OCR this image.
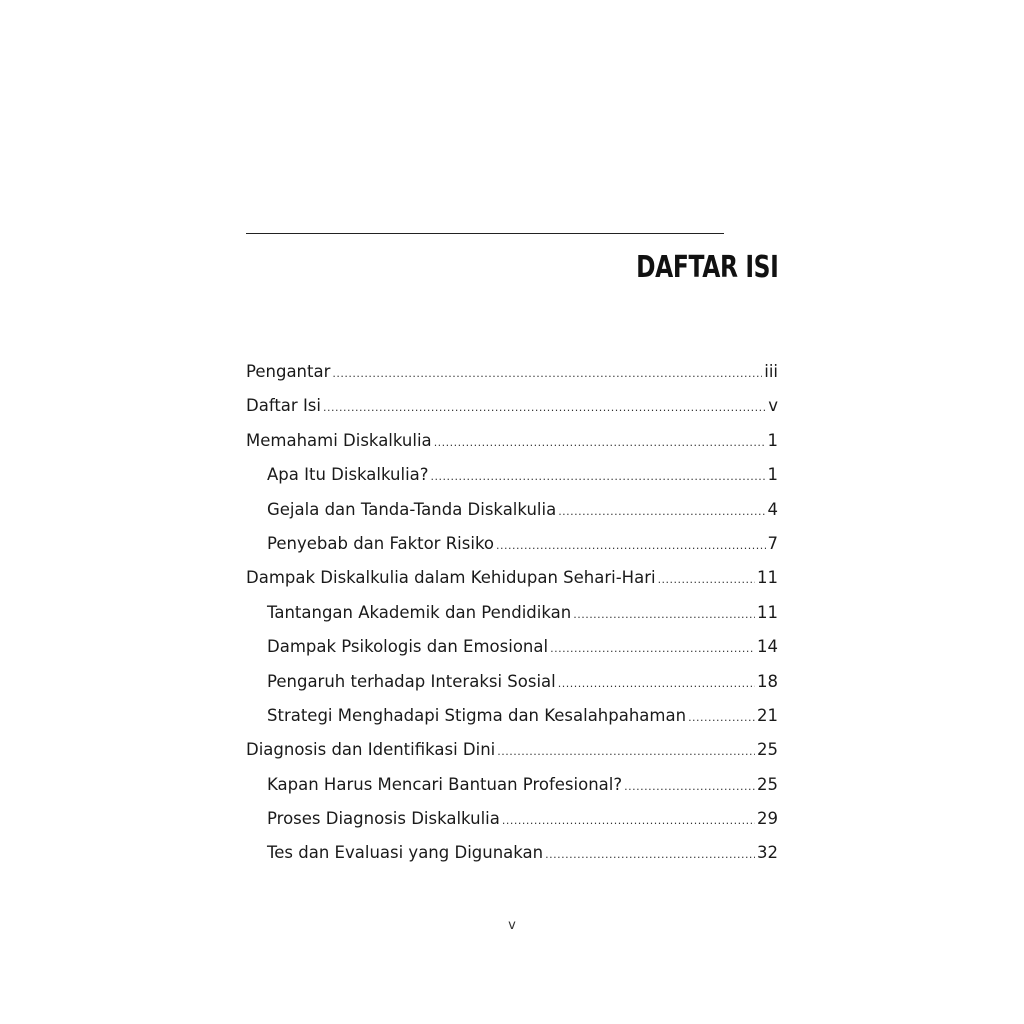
DAFTAR ISI
Pengantar .....	iii
Daftar Isi .....	v
Memahami Diskalkulia .....	1
Apa Itu Diskalkulia? .....	1
Gejala dan Tanda-Tanda Diskalkulia .....	4
Penyebab dan Faktor Risiko .....	7
Dampak Diskalkulia dalam Kehidupan Sehari-Hari .....	11
Tantangan Akademik dan Pendidikan .....	11
Dampak Psikologis dan Emosional .....	14
Pengaruh terhadap Interaksi Sosial .....	18
Strategi Menghadapi Stigma dan Kesalahpahaman .....	21
Diagnosis dan Identifikasi Dini .....	25
Kapan Harus Mencari Bantuan Profesional? .....	25
Proses Diagnosis Diskalkulia .....	29
Tes dan Evaluasi yang Digunakan .....	32
v
